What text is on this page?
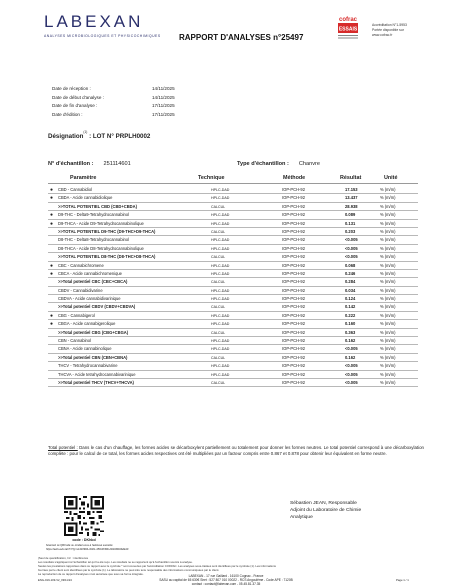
LABEXAN
ANALYSES MICROBIOLOGIQUES ET PHYSICOCHIMIQUES	RAPPORT D'ANALYSES n°25497
cofrac
ESSAIS
Accréditation N°1-5953
Portée disponible sur
www.cofrac.fr
Date de réception :	14/11/2025
Date de début d'analyse :	14/11/2025
Date de fin d'analyse :	17/11/2025
Date d'édition :	17/11/2025
Désignation$^{(1)}$ : LOT N° PRPLH0002
N° d'échantillon : 251114601	Type d'échantillon : Chanvre
Paramètre	Technique	Méthode	Résultat	Unité
● CBD - Cannabidiol	HPLC-DAD	IOP-PCH-92	17.153	% (m/m)
● CBDA - Acide cannabidiolique	HPLC-DAD	IOP-PCH-92	13.437	% (m/m)
>>TOTAL POTENTIEL CBD (CBD+CBDA)	CALCUL	IOP-PCH-92	28.938	% (m/m)
● D9-THC - Delta9-Tetrahydrocannabinol	HPLC-DAD	IOP-PCH-92	0.089	% (m/m)
● D9-THCA - Acide D9-Tetrahydrocannabinolique	HPLC-DAD	IOP-PCH-92	0.131	% (m/m)
>>TOTAL POTENTIEL D9-THC (D9-THC+D9-THCA)	CALCUL	IOP-PCH-92	0.203	% (m/m)
D8-THC - Delta8-Tetrahydrocannabinol	HPLC-DAD	IOP-PCH-92	<0.005	% (m/m)
D8-THCA - Acide D8-Tetrahydrocannabinolique	HPLC-DAD	IOP-PCH-92	<0.005	% (m/m)
>>TOTAL POTENTIEL D8-THC (D8-THC+D8-THCA)	CALCUL	IOP-PCH-92	<0.005	% (m/m)
● CBC - Cannabichromene	HPLC-DAD	IOP-PCH-92	0.068	% (m/m)
● CBCA - Acide cannabichromenique	HPLC-DAD	IOP-PCH-92	0.246	% (m/m)
>>Total potentiel CBC (CBC+CBCA)	CALCUL	IOP-PCH-92	0.284	% (m/m)
CBDV - Cannabidivarine	HPLC-DAD	IOP-PCH-92	0.034	% (m/m)
CBDVA - Acide cannabidivarinique	HPLC-DAD	IOP-PCH-92	0.124	% (m/m)
>>Total potentiel CBDV (CBDV+CBDVA)	CALCUL	IOP-PCH-92	0.142	% (m/m)
● CBG - Cannabigerol	HPLC-DAD	IOP-PCH-92	0.222	% (m/m)
● CBGA - Acide cannabigerolique	HPLC-DAD	IOP-PCH-92	0.160	% (m/m)
>>Total potentiel CBG (CBG+CBGA)	CALCUL	IOP-PCH-92	0.363	% (m/m)
CBN - Cannabinol	HPLC-DAD	IOP-PCH-92	0.162	% (m/m)
CBNA - Acide cannabinolique	HPLC-DAD	IOP-PCH-92	<0.005	% (m/m)
>>Total potentiel CBN (CBN+CBNA)	CALCUL	IOP-PCH-92	0.162	% (m/m)
THCV - Tetrahydrocannabivarine	HPLC-DAD	IOP-PCH-92	<0.005	% (m/m)
THCVA - Acide tetrahydrocannabivarinique	HPLC-DAD	IOP-PCH-92	<0.005	% (m/m)
>>Total potentiel THCV (THCV+THCVA)	CALCUL	IOP-PCH-92	<0.005	% (m/m)
Total potentiel : Dans le cas d'un chauffage, les formes acides se décarboxylent partiellement ou totalement pour donner les formes neutres. Le total potentiel correspond à une décarboxylation complète : pour le calcul de ce total, les formes acides respectives ont été multipliées par un facteur compris entre 0.867 et 0.878 pour obtenir leur équivalent en forme neutre.
code : DKhbd
Scannez ce QRCode ou rendez-vous à l'adresse suivante
https://web-auto.lab??/?g=s1418994-/2021-450UICBD-2D16FD042EAF
Sébastien JEAN, Responsable
Adjoint du Laboratoire de Chimie
Analytique
(Seul de quantification, Inf. : interférence
Les résultats s'appliquent à l'échantillon tel qu'il a été reçu. Les résultats ne se rapportent qu'à l'échantillon soumis à analyse.
Seules les prestations rapportées dans ce rapport avec le symbole * sont couvertes par l'accréditation COFRAC. Les analyses sous-traitées sont identifiées par le symbole (1). Les informations
fournies par le client sont identifiées par le symbole (1). Le laboratoire ne peut être tenu responsable des informations communiquées par le client.
La reproduction de ce rapport d'analyses n'est autorisée que sous sa forme intégrale.
LABEXAN - 17 rue Gaillard - 16100 Cognac - France
SASU au capital de 65 630€ Siret : 527 807 010 00022 - RCS Angoulême - Code APE : 7120B
contact : contact@labexan.com - 05.45.81.37.35
ENG-019-109-V2_09/11/24	Page 1 / 1
